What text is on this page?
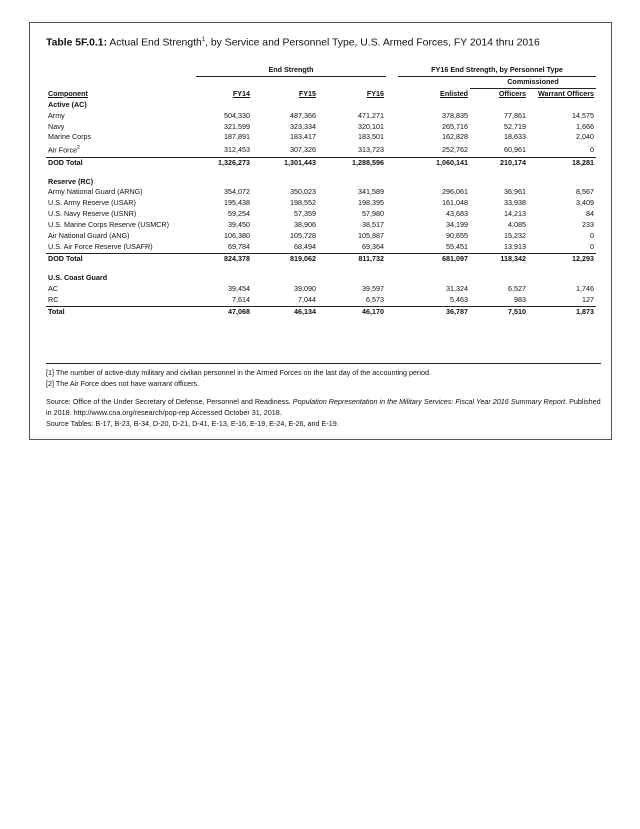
Table 5F.0.1: Actual End Strength$^1$, by Service and Personnel Type, U.S. Armed Forces, FY 2014 thru 2016
	End Strength				FY16 End Strength, by Personnel Type		
						Commissioned	
Component	FY14	FY15	FY16		Enlisted	Officers	Warrant Officers
Active (AC)							
Army	504,330	487,366	471,271		378,835	77,861	14,575
Navy	321,599	323,334	320,101		265,716	52,719	1,666
Marine Corps	187,891	183,417	183,501		162,828	18,633	2,040
Air Force$^2$	312,453	307,326	313,723		252,762	60,961	0
DOD Total	1,326,273	1,301,443	1,288,596		1,060,141	210,174	18,281

Reserve (RC)							
Army National Guard (ARNG)	354,072	350,023	341,589		296,061	36,961	8,567
U.S. Army Reserve (USAR)	195,438	198,552	198,395		161,048	33,938	3,409
U.S. Navy Reserve (USNR)	59,254	57,359	57,980		43,683	14,213	84
U.S. Marine Corps Reserve (USMCR)	39,450	38,906	38,517		34,199	4,085	233
Air National Guard (ANG)	106,380	105,728	105,887		90,655	15,232	0
U.S. Air Force Reserve (USAFR)	69,784	68,494	69,364		55,451	13,913	0
DOD Total	824,378	819,062	811,732		681,097	118,342	12,293

U.S. Coast Guard							
AC	39,454	39,090	39,597		31,324	6,527	1,746
RC	7,614	7,044	6,573		5,463	983	127
Total	47,068	46,134	46,170		36,787	7,510	1,873

[1] The number of active-duty military and civilian personnel in the Armed Forces on the last day of the accounting period.

[2] The Air Force does not have warrant officers.

Source: Office of the Under Secretary of Defense, Personnel and Readiness. Population Representation in the Military Services: Fiscal Year 2016 Summary Report. Published in 2018. http://www.cna.org/research/pop-rep Accessed October 31, 2018.

Source Tables: B-17, B-23, B-34, D-20, D-21, D-41, E-13, E-16, E-19, E-24, E-26, and E-19.
